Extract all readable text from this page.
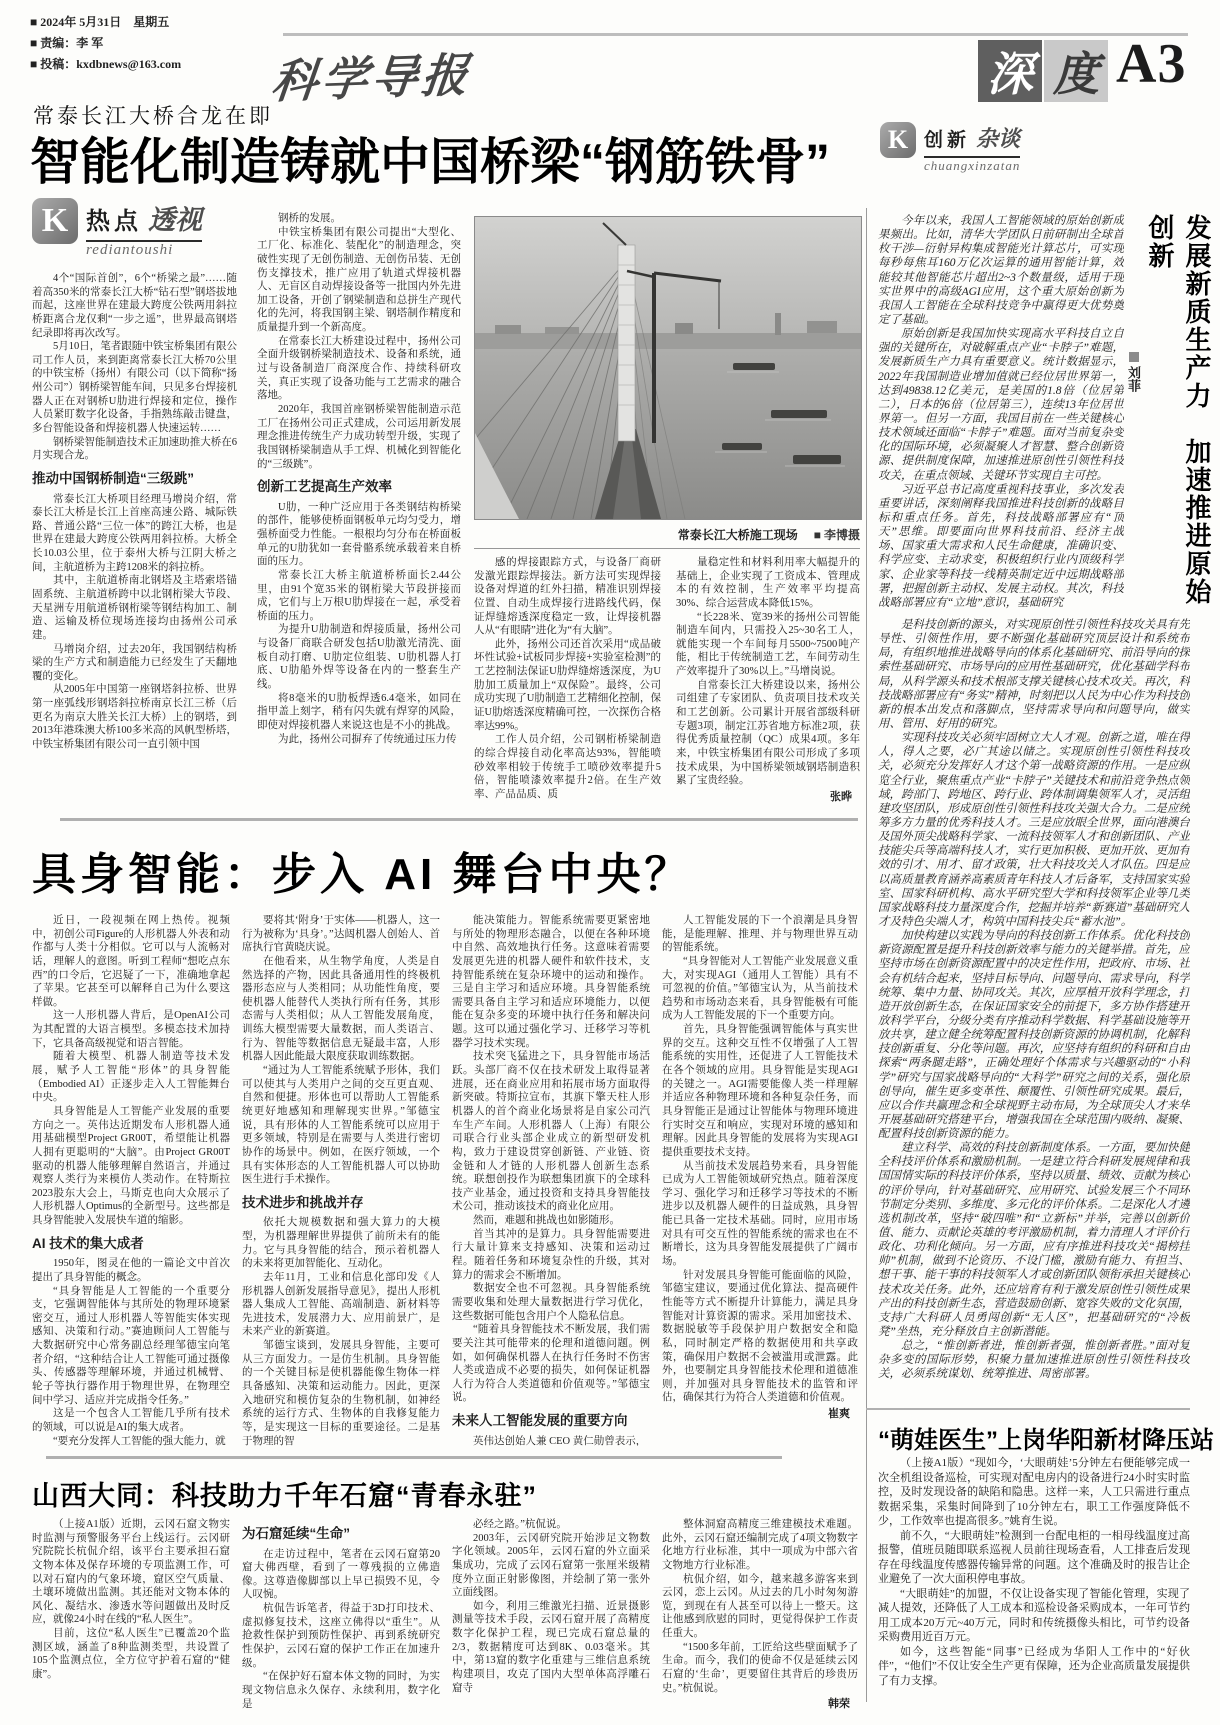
■ 2024年 5月31日　星期五
■ 责编：李 军
■ 投稿：kxdbnews@163.com 科学导报	深 度 A3
常泰长江大桥合龙在即
智能化制造铸就中国桥梁“钢筋铁骨”
K 热点 透视
rediantoushi
4个“国际首创”，6个“桥梁之最”……随着高350米的常泰长江大桥“钻石型”钢塔拔地而起，这座世界在建最大跨度公铁两用斜拉桥距离合龙仅剩“一步之遥”，世界最高钢塔纪录即将再次改写。
5月10日，笔者跟随中铁宝桥集团有限公司工作人员，来到距离常泰长江大桥70公里的中铁宝桥（扬州）有限公司（以下简称“扬州公司”）钢桥梁智能车间，只见多台焊接机器人正在对钢桥U肋进行焊接和定位，操作人员紧盯数字化设备，手指熟练敲击键盘，多台智能设备和焊接机器人快速运转……
钢桥梁智能制造技术正加速助推大桥在6月实现合龙。
推动中国钢桥制造“三级跳”
常泰长江大桥项目经理马增岗介绍，常泰长江大桥是长江上首座高速公路、城际铁路、普通公路“三位一体”的跨江大桥，也是世界在建最大跨度公铁两用斜拉桥。大桥全长10.03公里，位于泰州大桥与江阴大桥之间，主航道桥为主跨1208米的斜拉桥。
其中，主航道桥南北钢塔及主塔索塔锚固系统、主航道桥跨中以北钢桁梁大节段、天星洲专用航道桥钢桁梁等钢结构加工、制造、运输及桥位现场连接均由扬州公司承建。
马增岗介绍，过去20年，我国钢结构桥梁的生产方式和制造能力已经发生了天翻地覆的变化。
从2005年中国第一座钢塔斜拉桥、世界第一座弧线形钢塔斜拉桥南京长江三桥（后更名为南京大胜关长江大桥）上的钢塔，到2013年港珠澳大桥100多米高的风帆型桥塔，中铁宝桥集团有限公司一直引领中国
钢桥的发展。
中铁宝桥集团有限公司提出“大型化、工厂化、标准化、装配化”的制造理念，突破性实现了无创伤制造、无创伤吊装、无创伤支撑技术，推广应用了轨道式焊接机器人、无盲区自动焊接设备等一批国内外先进加工设备，开创了钢梁制造和总拼生产现代化的先河，将我国钢主梁、钢塔制作精度和质量提升到一个新高度。
在常泰长江大桥建设过程中，扬州公司全面升级钢桥梁制造技术、设备和系统，通过与设备制造厂商深度合作、持续科研攻关，真正实现了设备功能与工艺需求的融合落地。
2020年，我国首座钢桥梁智能制造示范工厂在扬州公司正式建成，公司运用新发展理念推进传统生产力成功转型升级，实现了我国钢桥梁制造从手工焊、机械化到智能化的“三级跳”。
创新工艺提高生产效率
U肋，一种广泛应用于各类钢结构桥梁的部件，能够使桥面钢板单元均匀受力，增强桥面受力性能。一根根均匀分布在桥面板单元的U肋犹如一套骨骼系统承载着来自桥面的压力。
常泰长江大桥主航道桥桥面长2.44公里，由91个宽35米的钢桁梁大节段拼接而成，它们与上万根U肋焊接在一起，承受着桥面的压力。
为提升U肋制造和焊接质量，扬州公司与设备厂商联合研发包括U肋激光清洗、面板自动打磨、U肋定位组装、U肋机器人打底、U肋船外焊等设备在内的一整套生产线。
将8毫米的U肋板焊透6.4毫米，如同在指甲盖上刻字，稍有闪失就有焊穿的风险，即使对焊接机器人来说这也是不小的挑战。
为此，扬州公司摒弃了传统通过压力传
常泰长江大桥施工现场 ■ 李博摄
感的焊接跟踪方式，与设备厂商研发激光跟踪焊接法。新方法可实现焊接设备对焊道的红外扫描，精准识别焊接位置、自动生成焊接行进路线代码，保证焊缝熔透深度稳定一致，让焊接机器人从“有眼睛”进化为“有大脑”。
此外，扬州公司还首次采用“成品破坏性试验+试板同步焊接+实验室检测”的工艺控制法保证U肋焊缝熔透深度，为U肋加工质量加上“双保险”。最终，公司成功实现了U肋制造工艺精细化控制，保证U肋熔透深度精确可控，一次探伤合格率达99%。
工作人员介绍，公司钢桁桥梁制造的综合焊接自动化率高达93%，智能喷砂效率相较于传统手工喷砂效率提升5倍，智能喷漆效率提升2倍。在生产效率、产品品质、质
量稳定性和材料利用率大幅提升的基础上，企业实现了工资成本、管理成本的有效控制，生产效率平均提高30%、综合运营成本降低15%。
“长228米、宽39米的扬州公司智能制造车间内，只需投入25~30名工人，就能实现一个车间每月5500~7500吨产能，相比于传统制造工艺，车间劳动生产效率提升了30%以上。”马增岗说。
自常泰长江大桥建设以来，扬州公司组建了专家团队、负责项目技术攻关和工艺创新。公司累计开展省部级科研专题3项，制定江苏省地方标准2项，获得优秀质量控制（QC）成果4项。多年来，中铁宝桥集团有限公司形成了多项技术成果，为中国桥梁领域钢塔制造积累了宝贵经验。
张晔
K 创新 杂谈
chuangxinzatan
今年以来，我国人工智能领域的原始创新成果频出。比如，清华大学团队日前研制出全球首枚干涉—衍射异构集成智能光计算芯片，可实现每秒每焦耳160万亿次运算的通用智能计算，效能较其他智能芯片超出2~3个数量级，适用于现实世界中的高级AGI应用，这个重大原始创新为我国人工智能在全球科技竞争中赢得更大优势奠定了基础。
原始创新是我国加快实现高水平科技自立自强的关键所在，对破解重点产业“卡脖子”难题，发展新质生产力具有重要意义。统计数据显示，2022年我国制造业增加值就已经位居世界第一，达到49838.12亿美元，是美国的1.8倍（位居第二），日本的6倍（位居第三），连续13年位居世界第一。但另一方面，我国目前在一些关键核心技术领域还面临“卡脖子”难题。面对当前复杂变化的国际环境，必须凝聚人才智慧、整合创新资源、提供制度保障，加速推进原创性引领性科技攻关，在重点领域、关键环节实现自主可控。
习近平总书记高度重视科技事业，多次发表重要讲话，深刻阐释我国推进科技创新的战略目标和重点任务。首先，科技战略部署应有“顶天”思维。即要面向世界科技前沿、经济主战场、国家重大需求和人民生命健康，准确识变、科学应变、主动求变，积极组织行业内顶级科学家、企业家等科技一线精英制定近中远期战略部署，把握创新主动权、发展主动权。其次，科技战略部署应有“立地”意识，基础研究	发展新质生产力　加速推进原始创新
刘菲
是科技创新的源头，对实现原创性引领性科技攻关具有先导性、引领性作用，要不断强化基础研究顶层设计和系统布局，有组织地推进战略导向的体系化基础研究、前沿导向的探索性基础研究、市场导向的应用性基础研究，优化基础学科布局，从科学源头和技术根部支撑关键核心技术攻关。再次，科技战略部署应有“务实”精神，时刻把以人民为中心作为科技创新的根本出发点和落脚点，坚持需求导向和问题导向，做实用、管用、好用的研究。
实现科技攻关必须牢固树立大人才观。创新之道，唯在得人，得人之要，必广其途以储之。实现原创性引领性科技攻关，必须充分发挥好人才这个第一战略资源的作用。一是应纵览全行业，聚焦重点产业“卡脖子”关键技术和前沿竞争热点领域，跨部门、跨地区、跨行业、跨体制调集领军人才，灵活组建攻坚团队，形成原创性引领性科技攻关强大合力。二是应统筹多方力量的优秀科技人才。三是应放眼全世界，面向港澳台及国外顶尖战略科学家、一流科技领军人才和创新团队、产业技能尖兵等高端科技人才，实行更加积极、更加开放、更加有效的引才、用才、留才政策，壮大科技攻关人才队伍。四是应以高质量教育涵养高素质青年科技人才后备军，支持国家实验室、国家科研机构、高水平研究型大学和科技领军企业等几类国家战略科技力量深度合作，挖掘并培养“新赛道”基础研究人才及特色尖端人才，构筑中国科技尖兵“蓄水池”。
加快构建以实践为导向的科技创新工作体系。优化科技创新资源配置是提升科技创新效率与能力的关键举措。首先，应坚持市场在创新资源配置中的决定性作用，把政府、市场、社会有机结合起来，坚持目标导向、问题导向、需求导向，科学统筹、集中力量、协同攻关。其次，应厚植开放科学理念，打造开放创新生态，在保证国家安全的前提下，多方协作搭建开放科学平台，分级分类有序推动科学数据、科学基础设施等开放共享，建立健全统筹配置科技创新资源的协调机制，化解科技创新重复、分化等问题。再次，应坚持有组织的科研和自由探索“两条腿走路”，正确处理好个体需求与兴趣驱动的“小科学”研究与国家战略导向的“大科学”研究之间的关系，强化原创导向，催生更多变革性、颠覆性、引领性研究成果。最后，应以合作共赢理念和全球视野主动布局，为全球顶尖人才来华开展基础研究搭建平台，增强我国在全球范围内吸纳、凝聚、配置科技创新资源的能力。
建立科学、高效的科技创新制度体系。一方面，要加快健全科技评价体系和激励机制。一是建立符合科研发展规律和我国国情实际的科技评价体系，坚持以质量、绩效、贡献为核心的评价导向，针对基础研究、应用研究、试验发展三个不同环节制定分类别、多维度、多元化的评价体系。二是深化人才遴选机制改革，坚持“破四唯”和“立新标”并举，完善以创新价值、能力、贡献论英雄的考评激励机制，着力清理人才评价行政化、功利化倾向。另一方面，应有序推进科技攻关“揭榜挂帅”机制，做到不论资历、不设门槛，激励有能力、有担当、想干事、能干事的科技领军人才或创新团队领衔承担关键核心技术攻关任务。此外，还应培育有利于激发原创性引领性成果产出的科技创新生态，营造鼓励创新、宽容失败的文化氛围，支持广大科研人员勇闯创新“无人区”，把基础研究的“冷板凳”坐热，充分释放自主创新潜能。
总之，“惟创新者进，惟创新者强，惟创新者胜。”面对复杂多变的国际形势，积聚力量加速推进原创性引领性科技攻关，必须系统谋划、统筹推进、周密部署。
具身智能：步入 AI 舞台中央？
近日，一段视频在网上热传。视频中，初创公司Figure的人形机器人外表和动作都与人类十分相似。它可以与人流畅对话，理解人的意图。听到工程师“想吃点东西”的口令后，它迟疑了一下，准确地拿起了苹果。它甚至可以解释自己为什么要这样做。
这一人形机器人背后，是OpenAI公司为其配置的大语言模型。多模态技术加持下，它具备高级视觉和语言智能。
随着大模型、机器人制造等技术发展，赋予人工智能“形体”的具身智能（Embodied AI）正逐步走入人工智能舞台中央。
具身智能是人工智能产业发展的重要方向之一。英伟达近期发布人形机器人通用基础模型Project GR00T，希望能让机器人拥有更聪明的“大脑”。由Project GR00T驱动的机器人能够理解自然语言，并通过观察人类行为来模仿人类动作。在特斯拉2023股东大会上，马斯克也向大众展示了人形机器人Optimus的全新型号。这些都是具身智能驶入发展快车道的缩影。
AI 技术的集大成者
1950年，图灵在他的一篇论文中首次提出了具身智能的概念。
“具身智能是人工智能的一个重要分支，它强调智能体与其所处的物理环境紧密交互，通过人形机器人等智能实体实现感知、决策和行动。”赛迪顾问人工智能与大数据研究中心常务副总经理邹德宝向笔者介绍，“这种结合让人工智能可通过摄像头、传感器等理解环境，并通过机械臂、轮子等执行器作用于物理世界，在物理空间中学习、适应并完成指令任务。”
这是一个包含人工智能几乎所有技术的领域，可以说是AI的集大成者。
“要充分发挥人工智能的强大能力，就
要将其‘附身’于实体——机器人，这一行为被称为‘具身’。”达闼机器人创始人、首席执行官黄晓庆说。
在他看来，从生物学角度，人类是自然选择的产物，因此具备通用性的终极机器形态应与人类相同；从功能性角度，要使机器人能替代人类执行所有任务，其形态需与人类相似；从人工智能发展角度，训练大模型需要大量数据，而人类语言、行为、智能等数据信息无疑最丰富，人形机器人因此能最大限度获取训练数据。
“通过为人工智能系统赋予形体，我们可以使其与人类用户之间的交互更直观、自然和便捷。形体也可以帮助人工智能系统更好地感知和理解现实世界。”邹德宝说，具有形体的人工智能系统可以应用于更多领域，特别是在需要与人类进行密切协作的场景中。例如，在医疗领域，一个具有实体形态的人工智能机器人可以协助医生进行手术操作。
技术进步和挑战并存
依托大规模数据和强大算力的大模型，为机器理解世界提供了前所未有的能力。它与具身智能的结合，预示着机器人的未来将更加智能化、互动化。
去年11月，工业和信息化部印发《人形机器人创新发展指导意见》，提出人形机器人集成人工智能、高端制造、新材料等先进技术，发展潜力大、应用前景广，是未来产业的新赛道。
邹德宝谈到，发展具身智能，主要可从三方面发力。一是仿生机制。具身智能的一个关键目标是使机器能像生物体一样具备感知、决策和运动能力。因此，更深入地研究和模仿复杂的生物机制，如神经系统的运行方式、生物体的自我修复能力等，是实现这一目标的重要途径。二是基于物理的智
能决策能力。智能系统需要更紧密地与所处的物理形态融合，以便在各种环境中自然、高效地执行任务。这意味着需要发展更先进的机器人硬件和软件技术，支持智能系统在复杂环境中的运动和操作。三是自主学习和适应环境。具身智能系统需要具备自主学习和适应环境能力，以便能在复杂多变的环境中执行任务和解决问题。这可以通过强化学习、迁移学习等机器学习技术实现。
技术突飞猛进之下，具身智能市场活跃。头部厂商不仅在技术研发上取得显著进展，还在商业应用和拓展市场方面取得新突破。特斯拉宣布，其旗下擎天柱人形机器人的首个商业化场景将是自家公司汽车生产车间。人形机器人（上海）有限公司联合行业头部企业成立的新型研发机构，致力于建设贯穿创新链、产业链、资金链和人才链的人形机器人创新生态系统。联想创投作为联想集团旗下的全球科技产业基金，通过投资和支持具身智能技术公司，推动该技术的商业化应用。
然而，难题和挑战也如影随形。
首当其冲的是算力。具身智能需要进行大量计算来支持感知、决策和运动过程。随着任务和环境复杂性的升级，其对算力的需求会不断增加。
数据安全也不可忽视。具身智能系统需要收集和处理大量数据进行学习优化，这些数据可能包含用户个人隐私信息。
“随着具身智能技术不断发展，我们需要关注其可能带来的伦理和道德问题。例如，如何确保机器人在执行任务时不伤害人类或造成不必要的损失，如何保证机器人行为符合人类道德和价值观等。”邹德宝说。
未来人工智能发展的重要方向
英伟达创始人兼 CEO 黄仁勋曾表示，
人工智能发展的下一个浪潮是具身智能，是能理解、推理、并与物理世界互动的智能系统。
“具身智能对人工智能产业发展意义重大，对实现AGI（通用人工智能）具有不可忽视的价值。”邹德宝认为，从当前技术趋势和市场动态来看，具身智能极有可能成为人工智能发展的下一个重要方向。
首先，具身智能强调智能体与真实世界的交互。这种交互性不仅增强了人工智能系统的实用性，还促进了人工智能技术在各个领域的应用。具身智能是实现AGI的关键之一。AGI需要能像人类一样理解并适应各种物理环境和各种复杂任务，而具身智能正是通过让智能体与物理环境进行实时交互和响应，实现对环境的感知和理解。因此具身智能的发展将为实现AGI提供重要技术支持。
从当前技术发展趋势来看，具身智能已成为人工智能领域研究热点。随着深度学习、强化学习和迁移学习等技术的不断进步以及机器人硬件的日益成熟，具身智能已具备一定技术基础。同时，应用市场对具有可交互性的智能系统的需求也在不断增长，这为具身智能发展提供了广阔市场。
针对发展具身智能可能面临的风险，邹德宝建议，要通过优化算法、提高硬件性能等方式不断提升计算能力，满足具身智能对计算资源的需求。采用加密技术、数据脱敏等手段保护用户数据安全和隐私，同时制定严格的数据使用和共享政策，确保用户数据不会被滥用或泄露。此外，也要制定具身智能技术伦理和道德准则，并加强对具身智能技术的监管和评估，确保其行为符合人类道德和价值观。
崔爽
山西大同：科技助力千年石窟“青春永驻”
（上接A1版）近期，云冈石窟文物实时监测与预警服务平台上线运行。云冈研究院院长杭侃介绍，该平台主要承担石窟文物本体及保存环境的专项监测工作，可以对石窟内的气象环境，窟区空气质量、土壤环境做出监测。其还能对文物本体的风化、凝结水、渗透水等问题做出及时反应，就像24小时在线的“私人医生”。
目前，这位“私人医生”已覆盖20个监测区域，涵盖了8种监测类型，共设置了105个监测点位，全方位守护着石窟的“健康”。
为石窟延续“生命”
在走访过程中，笔者在云冈石窟第20窟大佛西壁，看到了一尊残损的立佛造像。这尊造像脚部以上早已损毁不见，令人叹惋。
杭侃告诉笔者，得益于3D打印技术、虚拟修复技术，这座立佛得以“重生”。从抢救性保护到预防性保护、再到系统研究性保护，云冈石窟的保护工作正在加速升级。
“在保护好石窟本体文物的同时，为实现文物信息永久保存、永续利用，数字化是
必经之路。”杭侃说。
2003年，云冈研究院开始涉足文物数字化领域。2005年，云冈石窟的外立面采集成功，完成了云冈石窟第一张厘米级精度外立面正射影像图，并绘制了第一张外立面线图。
如今，利用三维激光扫描、近景摄影测量等技术手段，云冈石窟开展了高精度数字化保护工程，现已完成石窟总量的2/3，数据精度可达到8K、0.03毫米。其中，第13窟的数字化重建与三维信息系统构建项目，攻克了国内大型单体高浮雕石窟寺
整体洞窟高精度三维建模技术难题。此外，云冈石窟还编制完成了4项文物数字化地方行业标准，其中一项成为中部六省文物地方行业标准。
杭侃介绍，如今，越来越多游客来到云冈，恋上云冈。从过去的几小时匆匆游览，到现在有人甚至可以待上一整天。这让他感到欣慰的同时，更觉得保护工作责任重大。
“1500多年前，工匠给这些壁面赋予了生命。而今，我们的使命不仅是延续云冈石窟的‘生命’，更要留住其背后的珍贵历史。”杭侃说。
韩荣
“萌娃医生”上岗华阳新材降压站
（上接A1版）“现如今，‘大眼萌娃’5分钟左右便能够完成一次全机组设备巡检，可实现对配电房内的设备进行24小时实时监控，及时发现设备的缺陷和隐患。这样一来，人工只需进行重点数据采集，采集时间降到了10分钟左右，职工工作强度降低不少，工作效率也提高很多。”姚育生说。
前不久，“大眼萌娃”检测到一台配电柜的一相母线温度过高报警，值班员随即联系巡视人员前往现场查看，人工排查后发现存在母线温度传感器传输异常的问题。这个准确及时的报告让企业避免了一次大面积停电事故。
“大眼萌娃”的加盟，不仅让设备实现了智能化管理，实现了减人提效，还降低了人工成本和巡检设备采购成本，一年可节约用工成本20万元~40万元，同时和传统摄像头相比，可节约设备采购费用近百万元。
如今，这些智能“同事”已经成为华阳人工作中的“好伙伴”，“他们”不仅让安全生产更有保障，还为企业高质量发展提供了有力支撑。
